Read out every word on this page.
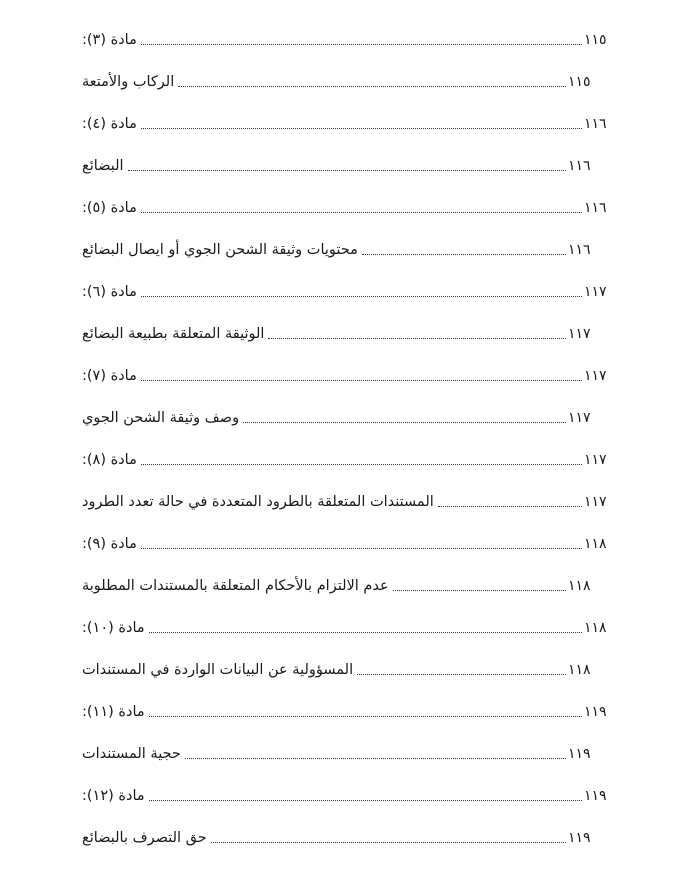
مادة (٣):	١١٥
الركاب والأمتعة	١١٥
مادة (٤):	١١٦
البضائع	١١٦
مادة (٥):	١١٦
محتويات وثيقة الشحن الجوي أو ايصال البضائع	١١٦
مادة (٦):	١١٧
الوثيقة المتعلقة بطبيعة البضائع	١١٧
مادة (٧):	١١٧
وصف وثيقة الشحن الجوي	١١٧
مادة (٨):	١١٧
المستندات المتعلقة بالطرود المتعددة في حالة تعدد الطرود	١١٧
مادة (٩):	١١٨
عدم الالتزام بالأحكام المتعلقة بالمستندات المطلوبة	١١٨
مادة (١٠):	١١٨
المسؤولية عن البيانات الواردة في المستندات	١١٨
مادة (١١):	١١٩
حجية المستندات	١١٩
مادة (١٢):	١١٩
حق التصرف بالبضائع	١١٩
